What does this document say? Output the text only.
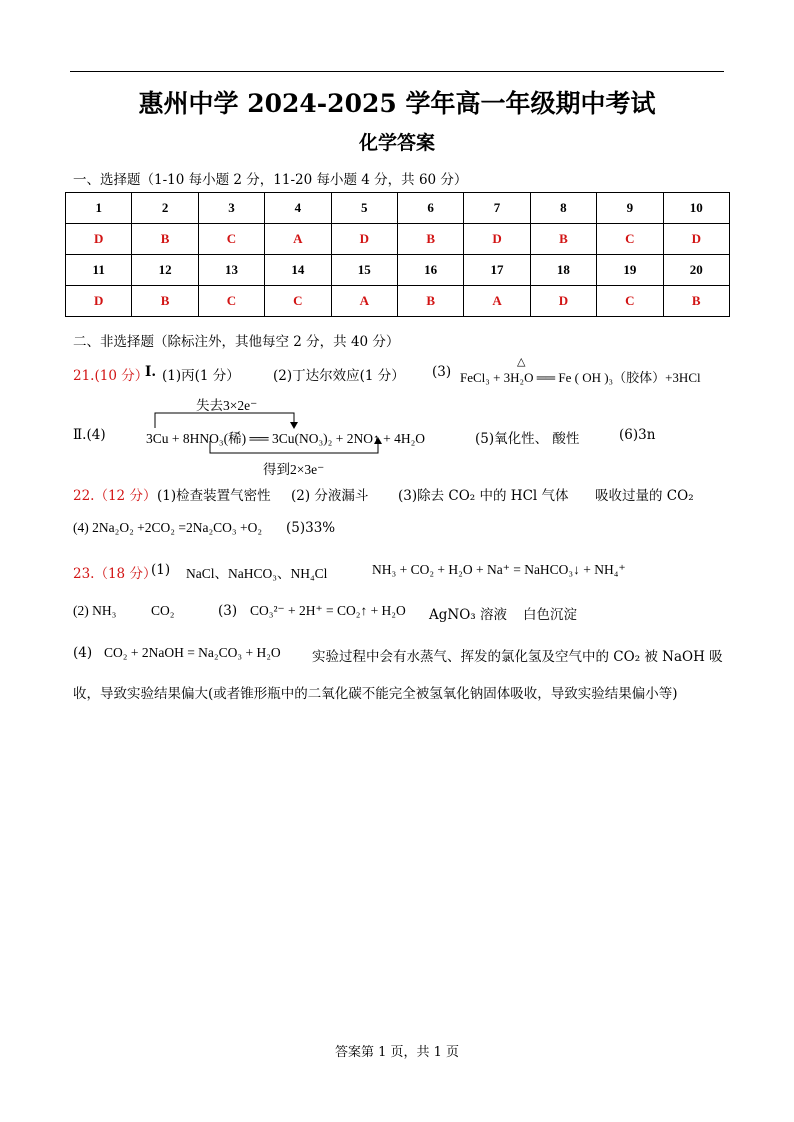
惠州中学 2024-2025 学年高一年级期中考试
化学答案
一、选择题（1-10 每小题 2 分，11-20 每小题 4 分，共 60 分）
1	2	3	4	5	6	7	8	9	10
D	B	C	A	D	B	D	B	C	D
11	12	13	14	15	16	17	18	19	20
D	B	C	C	A	B	A	D	C	B
二、非选择题（除标注外，其他每空 2 分，共 40 分）
21.(10 分）
Ⅰ. (1)丙(1 分） (2)丁达尔效应(1 分） (3)
△
FeCl₃ + 3H₂O ══ Fe ( OH )₃（胶体）+3HCl
失去3×2e⁻
Ⅱ.(4)	3Cu + 8HNO₃(稀) ══ 3Cu(NO₃)₂ + 2NO↑ + 4H₂O	(5)氧化性、 酸性	(6)3n
得到2×3e⁻
22.（12 分） (1)检查装置气密性 (2) 分液漏斗 (3)除去 CO₂ 中的 HCl 气体 吸收过量的 CO₂
(4) 2Na₂O₂ +2CO₂ =2Na₂CO₃ +O₂ (5)33%
23.（18 分）
(1) NaCl、NaHCO₃、NH₄Cl	NH₃ + CO₂ + H₂O + Na⁺ = NaHCO₃↓ + NH₄⁺
(2) NH₃	CO₂	(3) CO₃²⁻ + 2H⁺ = CO₂↑ + H₂O AgNO₃ 溶液 白色沉淀
(4) CO₂ + 2NaOH = Na₂CO₃ + H₂O 实验过程中会有水蒸气、挥发的氯化氢及空气中的 CO₂ 被 NaOH 吸
收，导致实验结果偏大(或者锥形瓶中的二氧化碳不能完全被氢氧化钠固体吸收，导致实验结果偏小等)
答案第 1 页，共 1 页
